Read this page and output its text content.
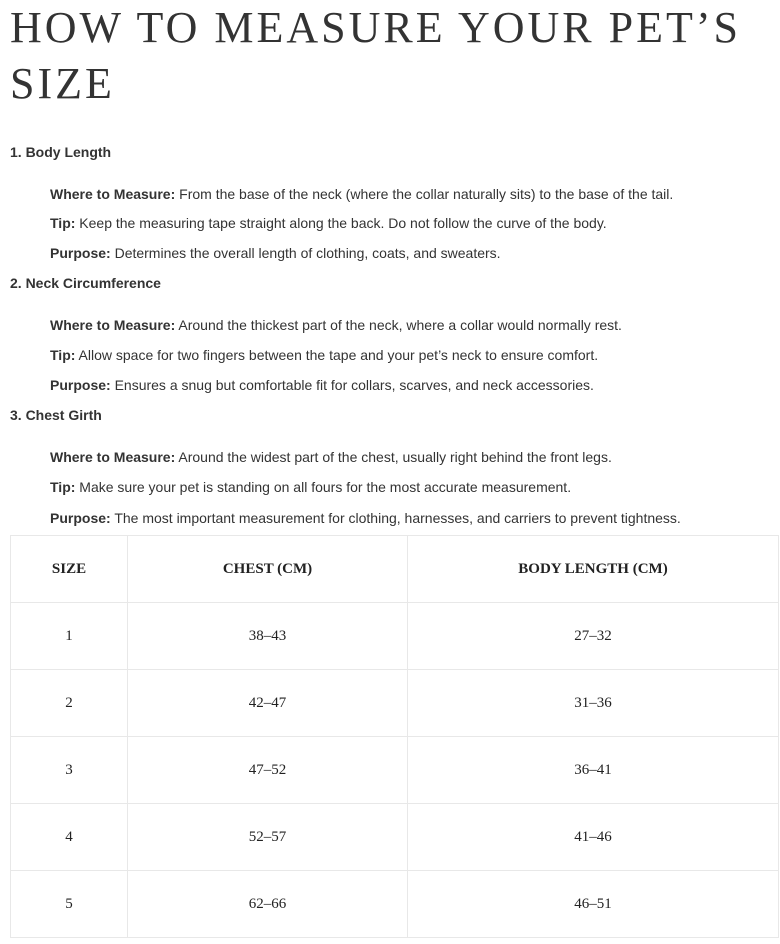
HOW TO MEASURE YOUR PET’S
SIZE

1. Body Length

Where to Measure: From the base of the neck (where the collar naturally sits) to the base of the tail.

Tip: Keep the measuring tape straight along the back. Do not follow the curve of the body.

Purpose: Determines the overall length of clothing, coats, and sweaters.

2. Neck Circumference

Where to Measure: Around the thickest part of the neck, where a collar would normally rest.

Tip: Allow space for two fingers between the tape and your pet’s neck to ensure comfort.

Purpose: Ensures a snug but comfortable fit for collars, scarves, and neck accessories.

3. Chest Girth

Where to Measure: Around the widest part of the chest, usually right behind the front legs.

Tip: Make sure your pet is standing on all fours for the most accurate measurement.

Purpose: The most important measurement for clothing, harnesses, and carriers to prevent tightness.

SIZE	CHEST (CM)	BODY LENGTH (CM)
1	38–43	27–32
2	42–47	31–36
3	47–52	36–41
4	52–57	41–46
5	62–66	46–51
